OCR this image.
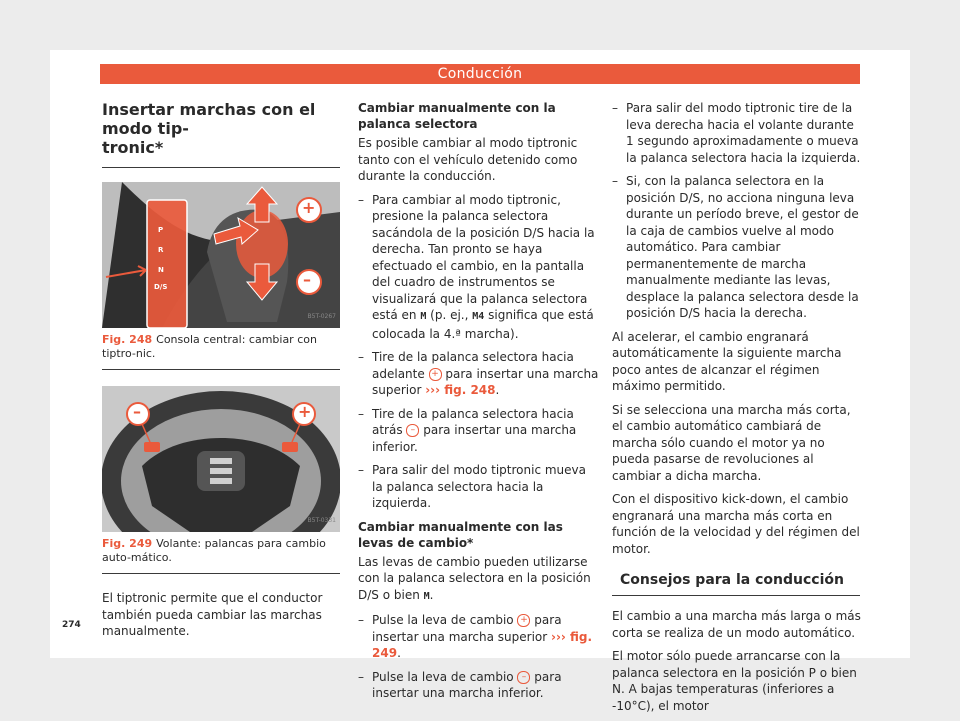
Conducción
Insertar marchas con el modo tip-
tronic*
P
R
N
D/S
+
–
B5T-0267

Fig. 248 Consola central: cambiar con tiptro-nic.

–	+
B5T-0331

Fig. 249 Volante: palancas para cambio auto-mático.

El tiptronic permite que el conductor también pueda cambiar las marchas manualmente.

Cambiar manualmente con la palanca selectora

Es posible cambiar al modo tiptronic tanto con el vehículo detenido como durante la conducción.

– Para cambiar al modo tiptronic, presione la palanca selectora sacándola de la posición D/S hacia la derecha. Tan pronto se haya efectuado el cambio, en la pantalla del cuadro de instrumentos se visualizará que la palanca selectora está en M (p. ej., M4 significa que está colocada la 4.ª marcha).
– Tire de la palanca selectora hacia adelante + para insertar una marcha superior ››› fig. 248.
– Tire de la palanca selectora hacia atrás – para insertar una marcha inferior.
– Para salir del modo tiptronic mueva la palanca selectora hacia la izquierda.
Cambiar manualmente con las levas de cambio*

Las levas de cambio pueden utilizarse con la palanca selectora en la posición D/S o bien M.

– Pulse la leva de cambio + para insertar una marcha superior ››› fig. 249.
– Pulse la leva de cambio – para insertar una marcha inferior.
– Para salir del modo tiptronic tire de la leva derecha hacia el volante durante 1 segundo aproximadamente o mueva la palanca selectora hacia la izquierda.
– Si, con la palanca selectora en la posición D/S, no acciona ninguna leva durante un período breve, el gestor de la caja de cambios vuelve al modo automático. Para cambiar permanentemente de marcha manualmente mediante las levas, desplace la palanca selectora desde la posición D/S hacia la derecha.

Al acelerar, el cambio engranará automáticamente la siguiente marcha poco antes de alcanzar el régimen máximo permitido.

Si se selecciona una marcha más corta, el cambio automático cambiará de marcha sólo cuando el motor ya no pueda pasarse de revoluciones al cambiar a dicha marcha.

Con el dispositivo kick-down, el cambio engranará una marcha más corta en función de la velocidad y del régimen del motor.

Consejos para la conducción

El cambio a una marcha más larga o más corta se realiza de un modo automático.

El motor sólo puede arrancarse con la palanca selectora en la posición P o bien N. A bajas temperaturas (inferiores a -10°C), el motor

274
